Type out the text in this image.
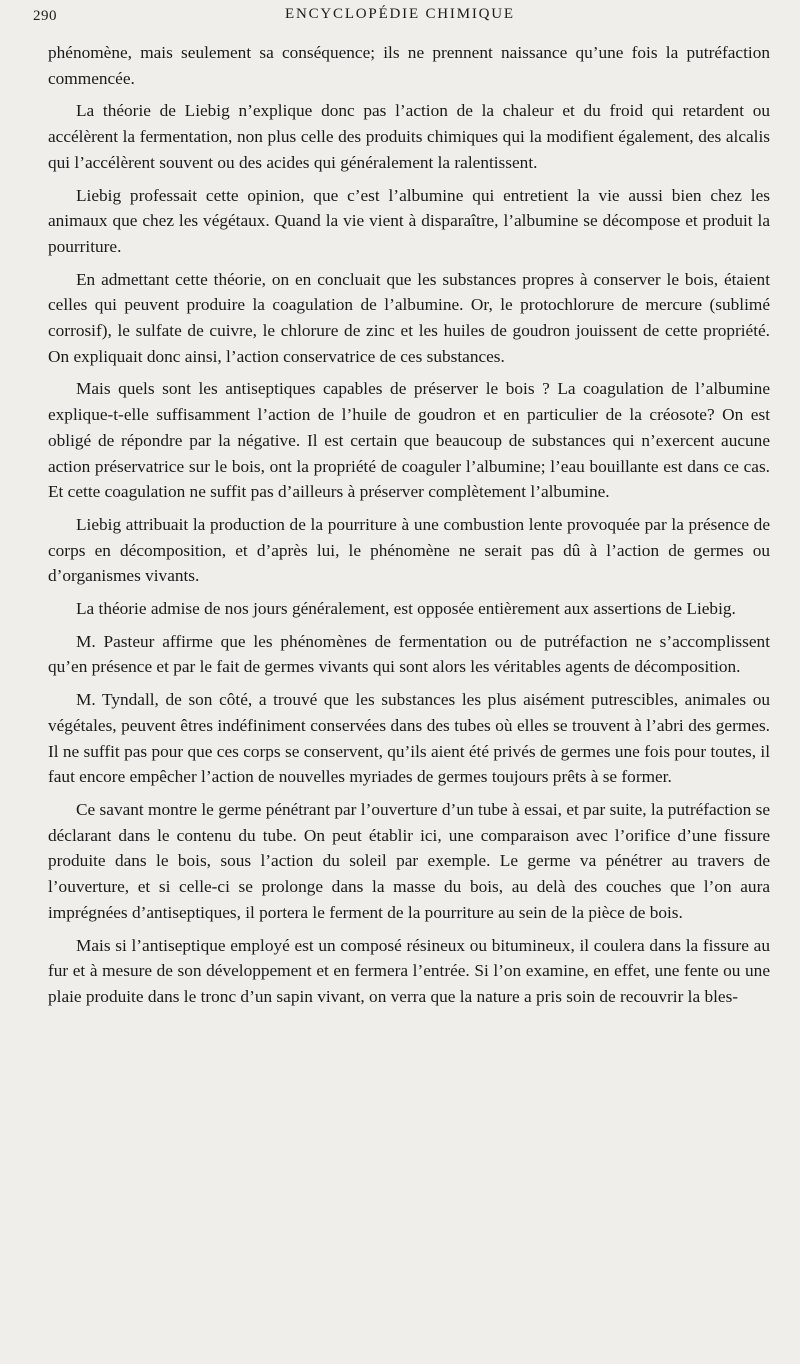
290	ENCYCLOPÉDIE CHIMIQUE

phénomène, mais seulement sa conséquence; ils ne prennent naissance qu’une fois la putréfaction commencée.

La théorie de Liebig n’explique donc pas l’action de la chaleur et du froid qui retardent ou accélèrent la fermentation, non plus celle des produits chimiques qui la modifient également, des alcalis qui l’accélèrent souvent ou des acides qui généralement la ralentissent.

Liebig professait cette opinion, que c’est l’albumine qui entretient la vie aussi bien chez les animaux que chez les végétaux. Quand la vie vient à disparaître, l’albumine se décompose et produit la pourriture.

En admettant cette théorie, on en concluait que les substances propres à conserver le bois, étaient celles qui peuvent produire la coagulation de l’albumine. Or, le protochlorure de mercure (sublimé corrosif), le sulfate de cuivre, le chlorure de zinc et les huiles de goudron jouissent de cette propriété. On expliquait donc ainsi, l’action conservatrice de ces substances.

Mais quels sont les antiseptiques capables de préserver le bois ? La coagulation de l’albumine explique-t-elle suffisamment l’action de l’huile de goudron et en particulier de la créosote? On est obligé de répondre par la négative. Il est certain que beaucoup de substances qui n’exercent aucune action préservatrice sur le bois, ont la propriété de coaguler l’albumine; l’eau bouillante est dans ce cas. Et cette coagulation ne suffit pas d’ailleurs à préserver complètement l’albumine.

Liebig attribuait la production de la pourriture à une combustion lente provoquée par la présence de corps en décomposition, et d’après lui, le phénomène ne serait pas dû à l’action de germes ou d’organismes vivants.

La théorie admise de nos jours généralement, est opposée entièrement aux assertions de Liebig.

M. Pasteur affirme que les phénomènes de fermentation ou de putréfaction ne s’accomplissent qu’en présence et par le fait de germes vivants qui sont alors les véritables agents de décomposition.

M. Tyndall, de son côté, a trouvé que les substances les plus aisément putrescibles, animales ou végétales, peuvent êtres indéfiniment conservées dans des tubes où elles se trouvent à l’abri des germes. Il ne suffit pas pour que ces corps se conservent, qu’ils aient été privés de germes une fois pour toutes, il faut encore empêcher l’action de nouvelles myriades de germes toujours prêts à se former.

Ce savant montre le germe pénétrant par l’ouverture d’un tube à essai, et par suite, la putréfaction se déclarant dans le contenu du tube. On peut établir ici, une comparaison avec l’orifice d’une fissure produite dans le bois, sous l’action du soleil par exemple. Le germe va pénétrer au travers de l’ouverture, et si celle-ci se prolonge dans la masse du bois, au delà des couches que l’on aura imprégnées d’antiseptiques, il portera le ferment de la pourriture au sein de la pièce de bois.

Mais si l’antiseptique employé est un composé résineux ou bitumineux, il coulera dans la fissure au fur et à mesure de son développement et en fermera l’entrée. Si l’on examine, en effet, une fente ou une plaie produite dans le tronc d’un sapin vivant, on verra que la nature a pris soin de recouvrir la bles-
